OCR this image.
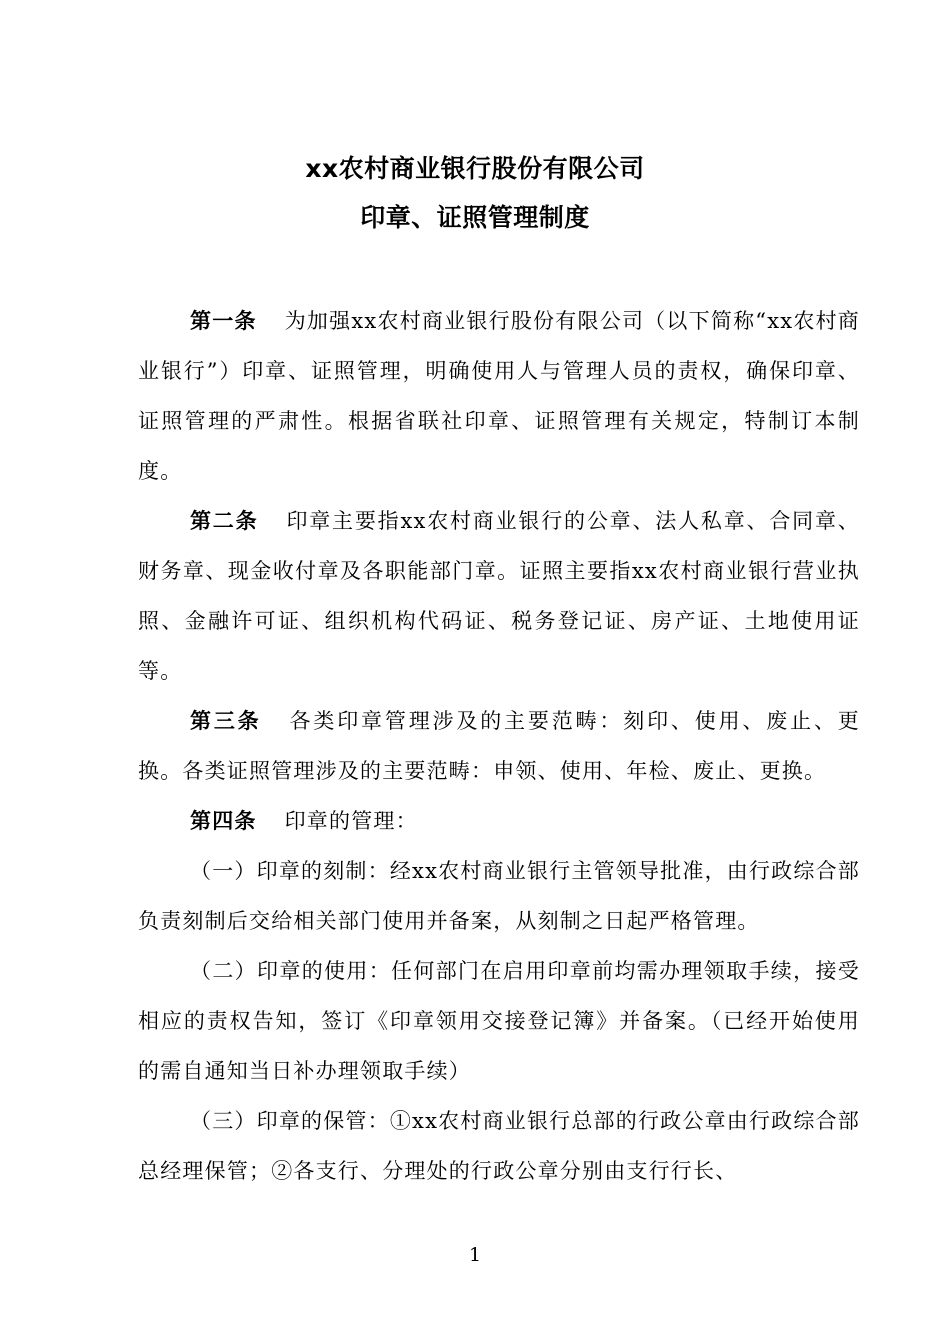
xx农村商业银行股份有限公司
印章、证照管理制度

第一条 为加强xx农村商业银行股份有限公司（以下简称“xx农村商业银行”）印章、证照管理，明确使用人与管理人员的责权，确保印章、证照管理的严肃性。根据省联社印章、证照管理有关规定，特制订本制度。

第二条 印章主要指xx农村商业银行的公章、法人私章、合同章、财务章、现金收付章及各职能部门章。证照主要指xx农村商业银行营业执照、金融许可证、组织机构代码证、税务登记证、房产证、土地使用证等。

第三条 各类印章管理涉及的主要范畴：刻印、使用、废止、更换。各类证照管理涉及的主要范畴：申领、使用、年检、废止、更换。

第四条 印章的管理：

（一）印章的刻制：经xx农村商业银行主管领导批准，由行政综合部负责刻制后交给相关部门使用并备案，从刻制之日起严格管理。

（二）印章的使用：任何部门在启用印章前均需办理领取手续，接受相应的责权告知，签订《印章领用交接登记簿》并备案。（已经开始使用的需自通知当日补办理领取手续）

（三）印章的保管：①xx农村商业银行总部的行政公章由行政综合部总经理保管；②各支行、分理处的行政公章分别由支行行长、

1
